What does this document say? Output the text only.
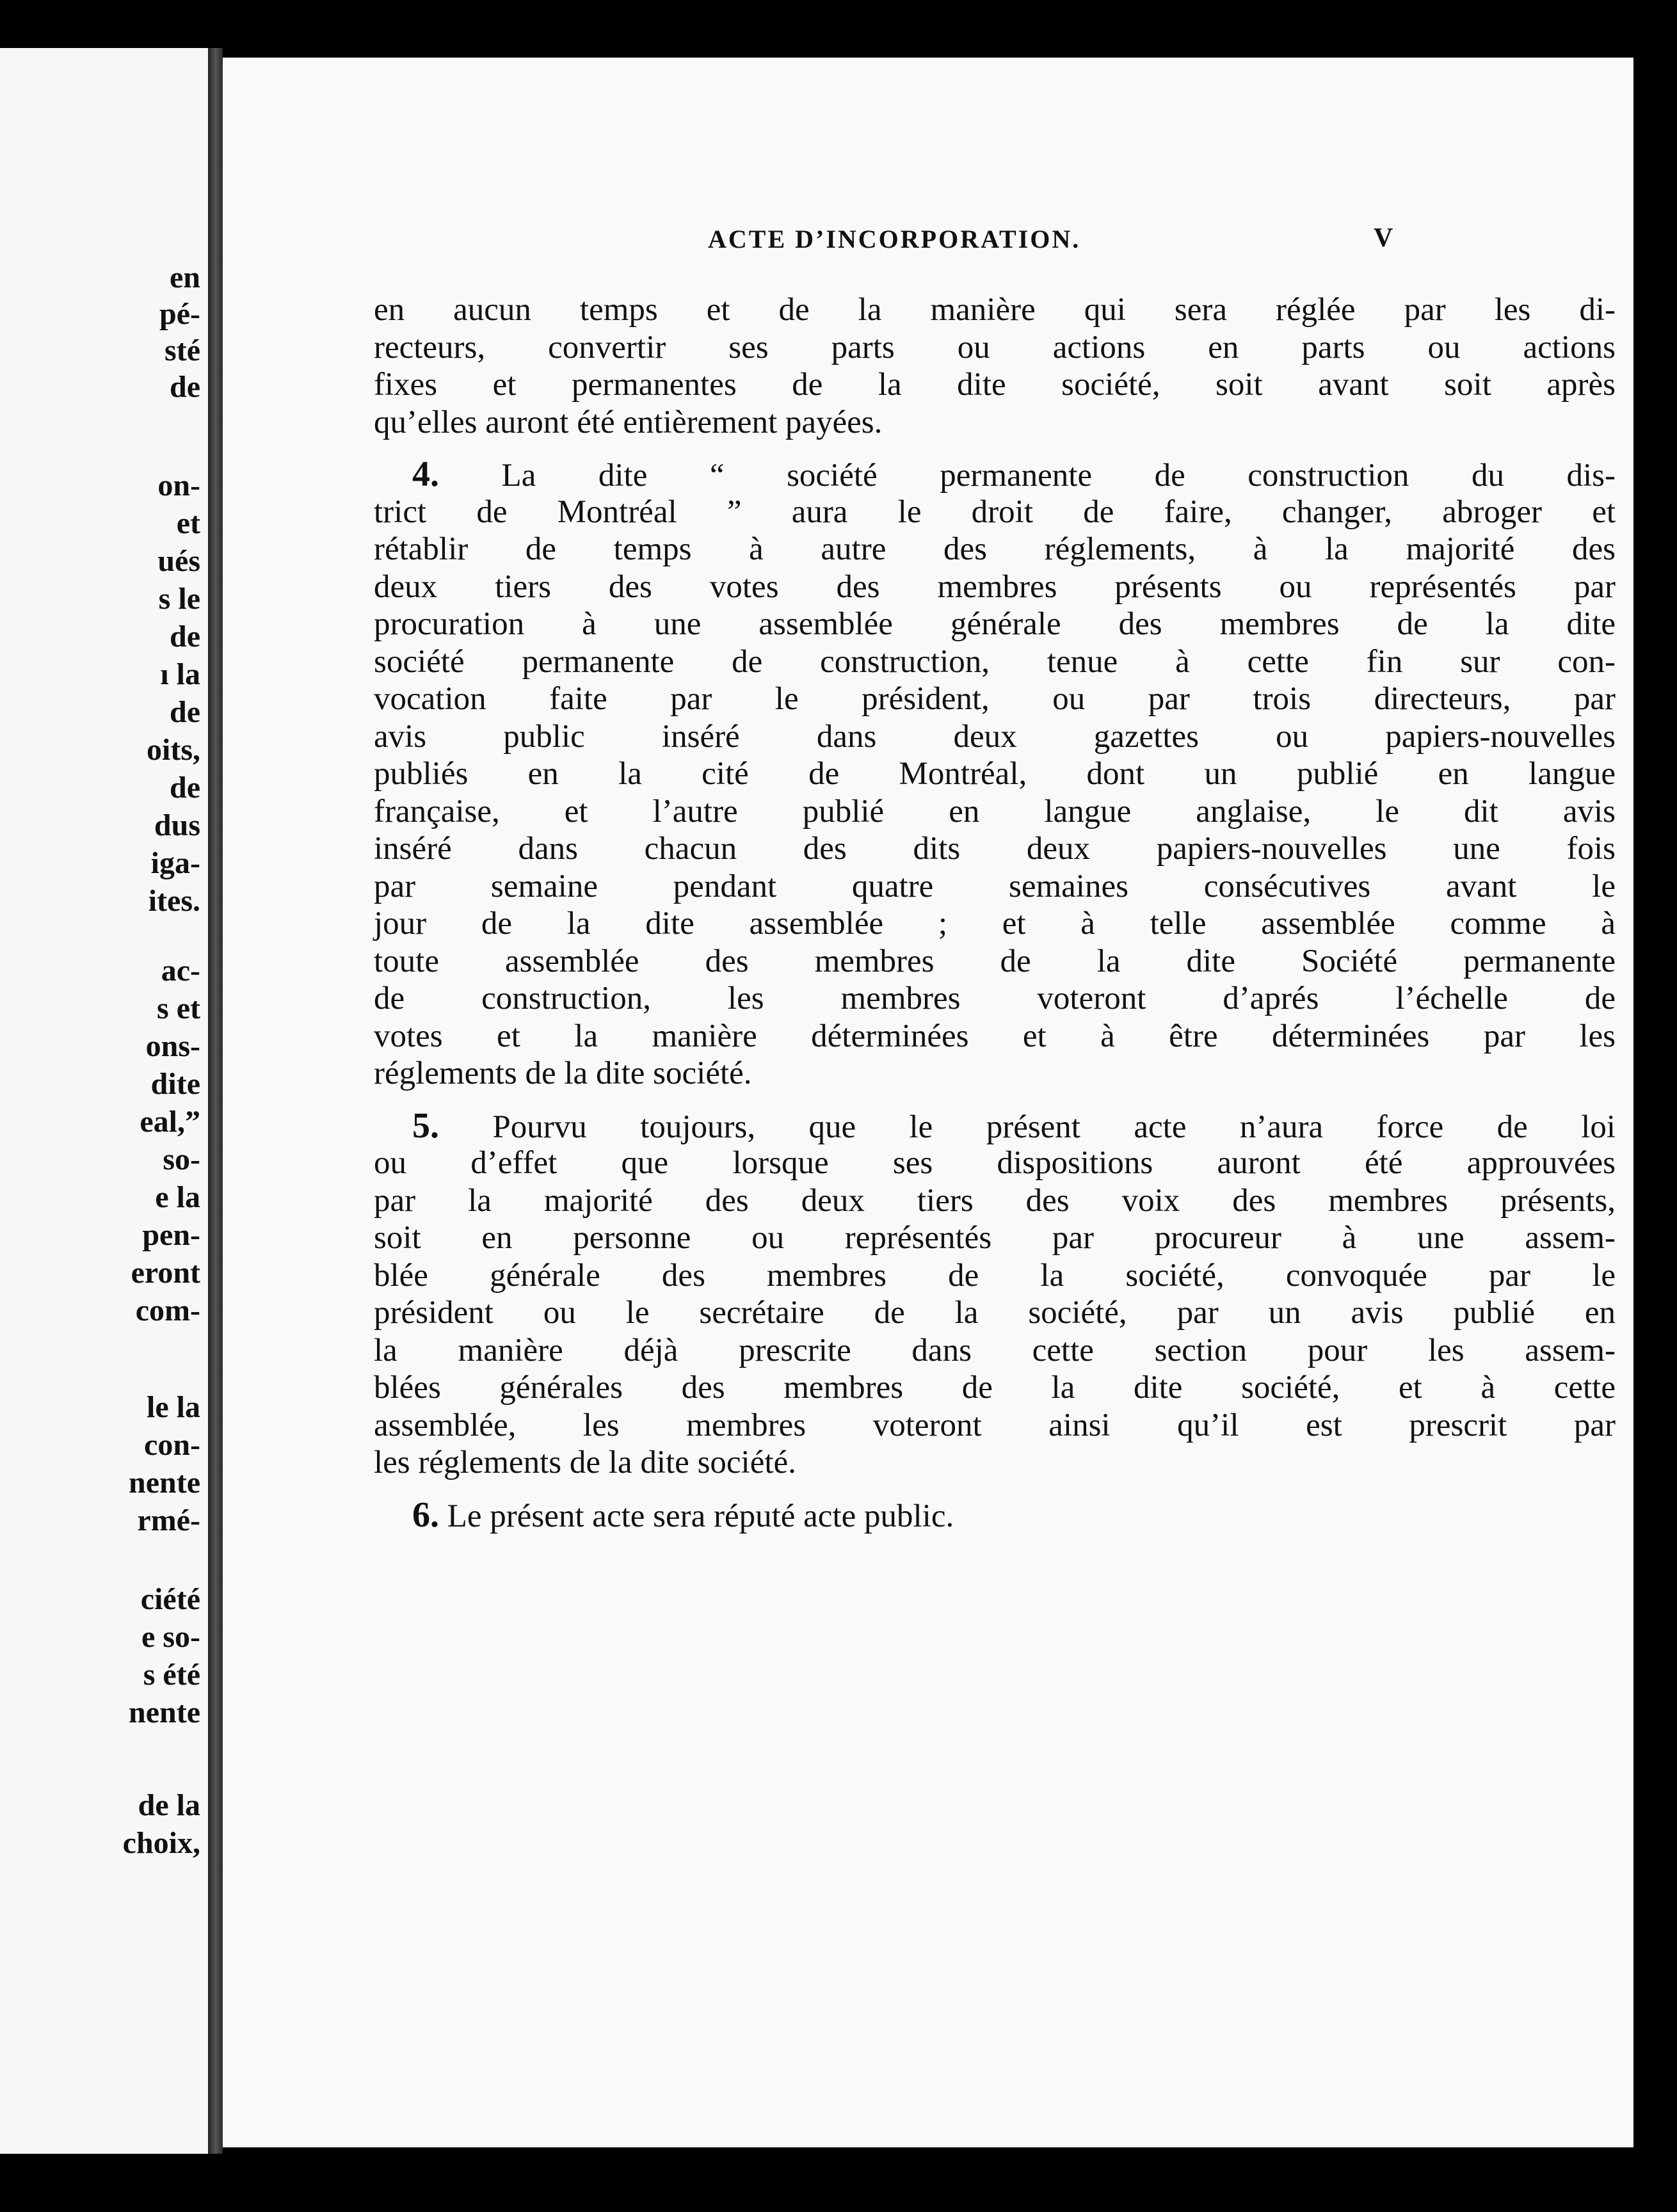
en
pé-
sté
de
on-
et
ués
s le
de
ı la
de
oits,
de
dus
iga-
ites.
ac-
s et
ons-
dite
eal,”
so-
e la
pen-
eront
com-
le la
con-
nente
rmé-
ciété
e so-
s été
nente
de la
choix,
ACTE D’INCORPORATION.	V
en aucun temps et de la manière qui sera réglée par les di-
recteurs, convertir ses parts ou actions en parts ou actions
fixes et permanentes de la dite société, soit avant soit après
qu’elles auront été entièrement payées.
4. La dite “ société permanente de construction du dis-
trict de Montréal ” aura le droit de faire, changer, abroger et
rétablir de temps à autre des réglements, à la majorité des
deux tiers des votes des membres présents ou représentés par
procuration à une assemblée générale des membres de la dite
société permanente de construction, tenue à cette fin sur con-
vocation faite par le président, ou par trois directeurs, par
avis public inséré dans deux gazettes ou papiers-nouvelles
publiés en la cité de Montréal, dont un publié en langue
française, et l’autre publié en langue anglaise, le dit avis
inséré dans chacun des dits deux papiers-nouvelles une fois
par semaine pendant quatre semaines consécutives avant le
jour de la dite assemblée ; et à telle assemblée comme à
toute assemblée des membres de la dite Société permanente
de construction, les membres voteront d’aprés l’échelle de
votes et la manière déterminées et à être déterminées par les
réglements de la dite société.
5. Pourvu toujours, que le présent acte n’aura force de loi
ou d’effet que lorsque ses dispositions auront été approuvées
par la majorité des deux tiers des voix des membres présents,
soit en personne ou représentés par procureur à une assem-
blée générale des membres de la société, convoquée par le
président ou le secrétaire de la société, par un avis publié en
la manière déjà prescrite dans cette section pour les assem-
blées générales des membres de la dite société, et à cette
assemblée, les membres voteront ainsi qu’il est prescrit par
les réglements de la dite société.
6. Le présent acte sera réputé acte public.
